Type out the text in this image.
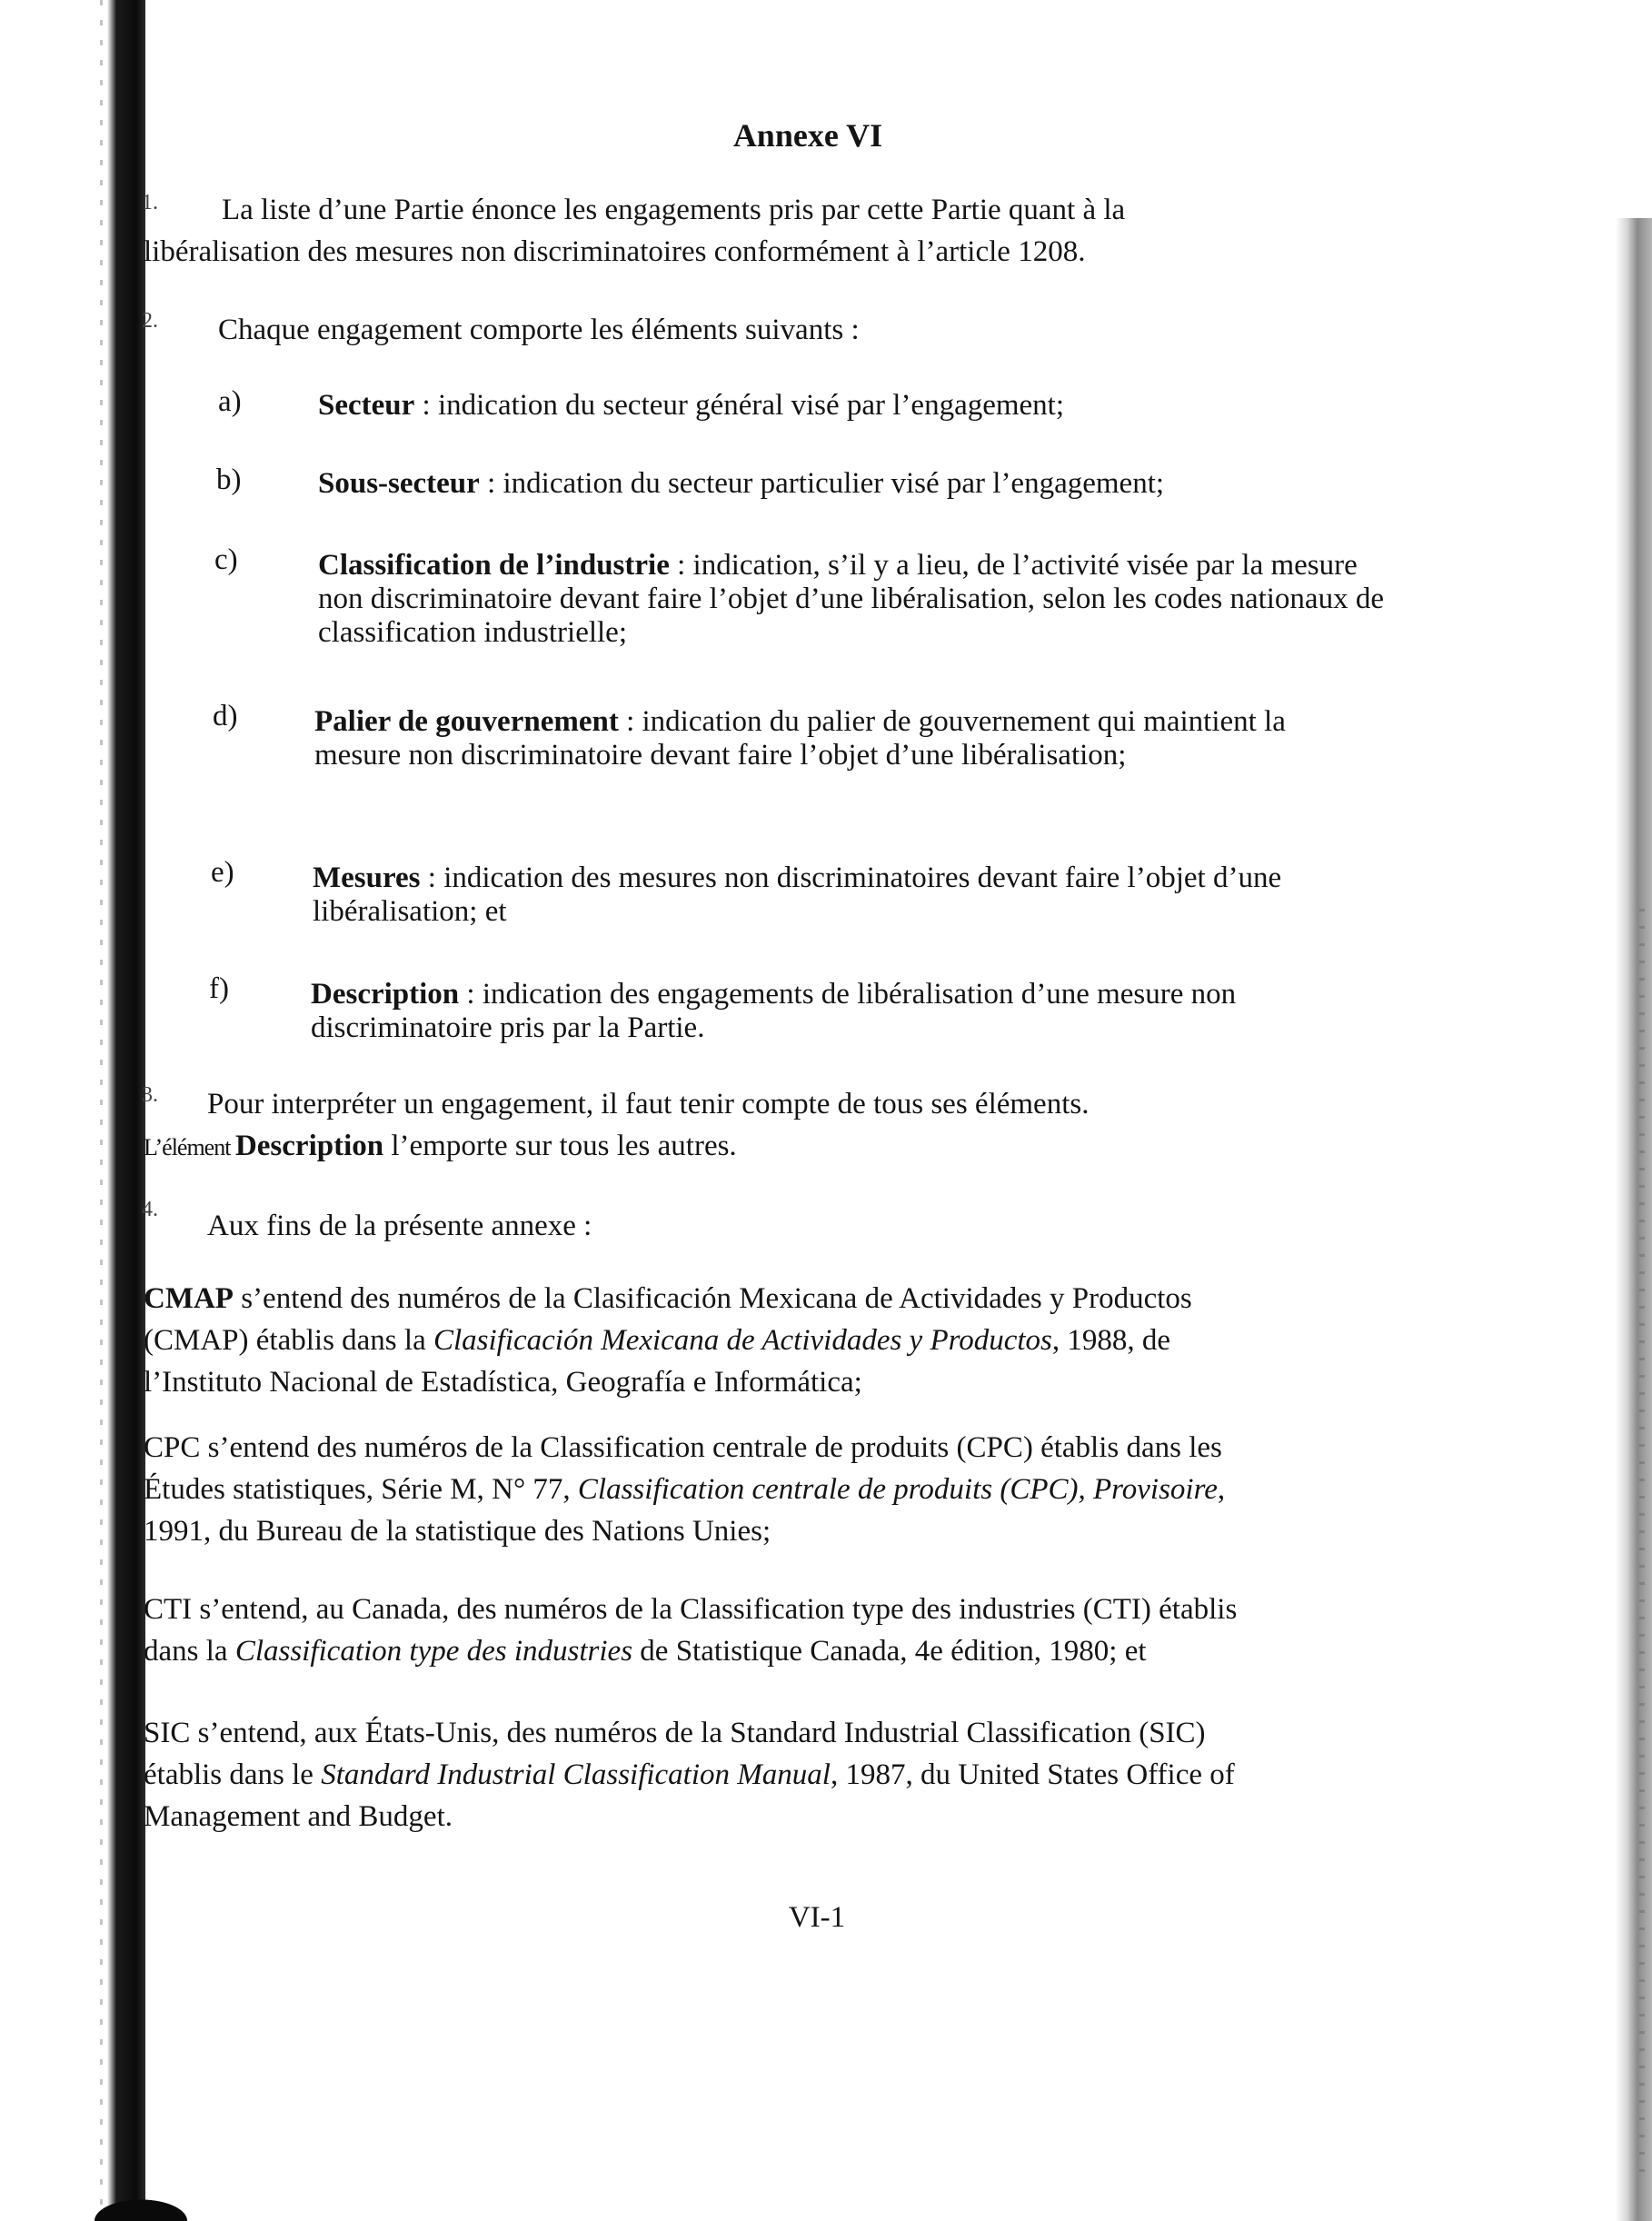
Annexe VI
1. La liste d’une Partie énonce les engagements pris par cette Partie quant à la
libéralisation des mesures non discriminatoires conformément à l’article 1208.
2. Chaque engagement comporte les éléments suivants :
a)	Secteur : indication du secteur général visé par l’engagement;
b)	Sous-secteur : indication du secteur particulier visé par l’engagement;
c)	Classification de l’industrie : indication, s’il y a lieu, de l’activité visée par la mesure non discriminatoire devant faire l’objet d’une libéralisation, selon les codes nationaux de classification industrielle;
d)	Palier de gouvernement : indication du palier de gouvernement qui maintient la mesure non discriminatoire devant faire l’objet d’une libéralisation;
e)	Mesures : indication des mesures non discriminatoires devant faire l’objet d’une libéralisation; et
f)	Description : indication des engagements de libéralisation d’une mesure non discriminatoire pris par la Partie.
3. Pour interpréter un engagement, il faut tenir compte de tous ses éléments.
L’élément Description l’emporte sur tous les autres.
4. Aux fins de la présente annexe :
CMAP s’entend des numéros de la Clasificación Mexicana de Actividades y Productos
(CMAP) établis dans la Clasificación Mexicana de Actividades y Productos, 1988, de
l’Instituto Nacional de Estadística, Geografía e Informática;
CPC s’entend des numéros de la Classification centrale de produits (CPC) établis dans les
Études statistiques, Série M, N° 77, Classification centrale de produits (CPC), Provisoire,
1991, du Bureau de la statistique des Nations Unies;
CTI s’entend, au Canada, des numéros de la Classification type des industries (CTI) établis
dans la Classification type des industries de Statistique Canada, 4e édition, 1980; et
SIC s’entend, aux États-Unis, des numéros de la Standard Industrial Classification (SIC)
établis dans le Standard Industrial Classification Manual, 1987, du United States Office of
Management and Budget.
VI-1
